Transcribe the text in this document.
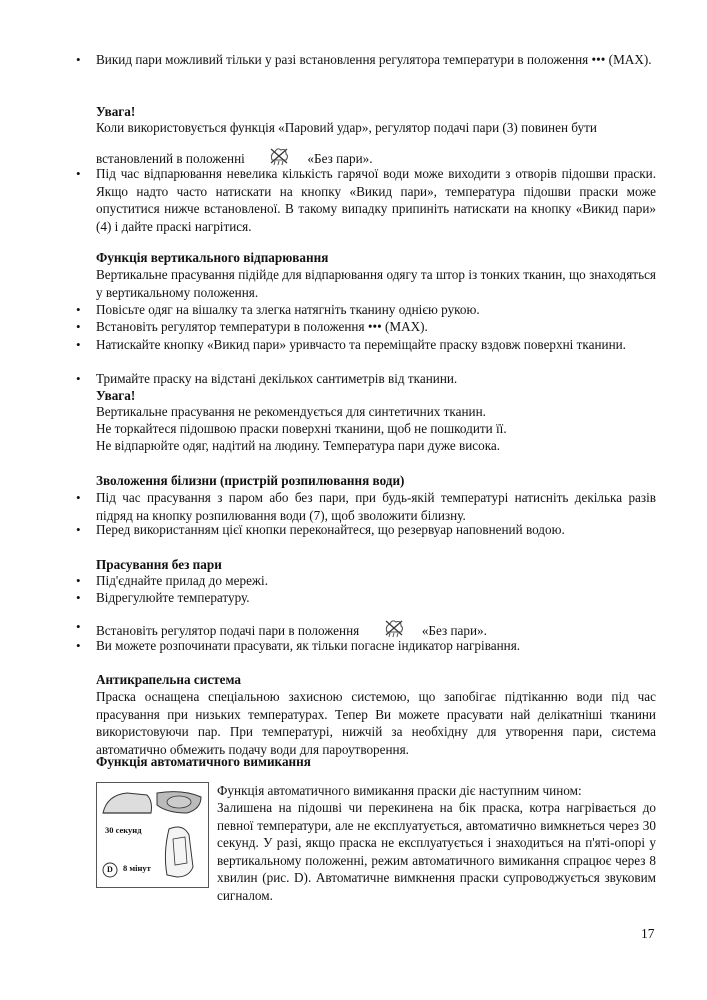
• Викид пари можливий тільки у разі встановлення регулятора температури в положення ••• (MAX).
Увага!
Коли використовується функція «Паровий удар», регулятор подачі пари (3) повинен бути
встановлений в положенні	«Без пари».
• Під час відпарювання невелика кількість гарячої води може виходити з отворів підошви праски. Якщо надто часто натискати на кнопку «Викид пари», температура підошви праски може опуститися нижче встановленої. В такому випадку припиніть натискати на кнопку «Викид пари» (4) і дайте праскі нагрітися.
Функція вертикального відпарювання
Вертикальне прасування підійде для відпарювання одягу та штор із тонких тканин, що знаходяться у вертикальному положення.
• Повісьте одяг на вішалку та злегка натягніть тканину однією рукою.
• Встановіть регулятор температури в положення ••• (MAX).
• Натискайте кнопку «Викид пари» уривчасто та переміщайте праску вздовж поверхні тканини.
• Тримайте праску на відстані декількох сантиметрів від тканини.
Увага!
Вертикальне прасування не рекомендується для синтетичних тканин.
Не торкайтеся підошвою праски поверхні тканини, щоб не пошкодити її.
Не відпарюйте одяг, надітий на людину. Температура пари дуже висока.
Зволоження білизни (пристрій розпилювання води)
• Під час прасування з паром або без пари, при будь-якій температурі натисніть декілька разів підряд на кнопку розпилювання води (7), щоб зволожити білизну.
• Перед використанням цієї кнопки переконайтеся, що резервуар наповнений водою.
Прасування без пари
• Під'єднайте прилад до мережі.
• Відрегулюйте температуру.
• Встановіть регулятор подачі пари в положення	«Без пари».
• Ви можете розпочинати прасувати, як тільки погасне індикатор нагрівання.
Антикрапельна система
Праска оснащена спеціальною захисною системою, що запобігає підтіканню води під час прасування при низьких температурах. Тепер Ви можете прасувати най делікатніші тканини використовуючи пар. При температурі, нижчій за необхідну для утворення пари, система автоматично обмежить подачу води для пароутворення.
Функція автоматичного вимикання
30 секунд
8 мінут
D
Функція автоматичного вимикання праски діє наступним чином:
Залишена на підошві чи перекинена на бік праска, котра нагрівається до певної температури, але не експлуатується, автоматично вимкнеться через 30 секунд. У разі, якщо праска не експлуатується і знаходиться на п'яті-опорі у вертикальному положенні, режим автоматичного вимикання спрацює через 8 хвилин (рис. D). Автоматичне вимкнення праски супроводжується звуковим сигналом.
17
